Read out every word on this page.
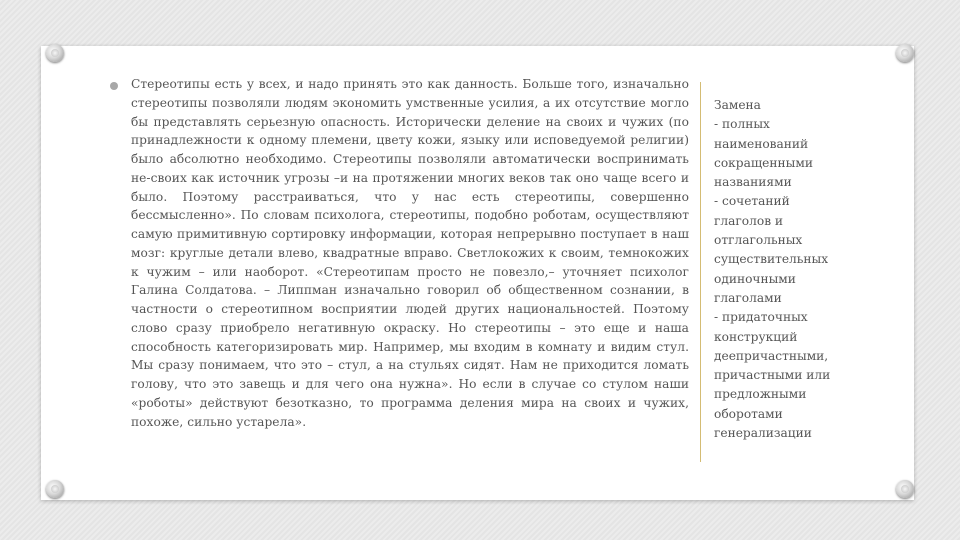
Стереотипы есть у всех, и надо принять это как данность. Больше того, изначально стереотипы позволяли людям экономить умственные усилия, а их отсутствие могло бы представлять серьезную опасность. Исторически деление на своих и чужих (по принадлежности к одному племени, цвету кожи, языку или исповедуемой религии) было абсолютно необходимо. Стереотипы позволяли автоматически воспринимать не-своих как источник угрозы –и на протяжении многих веков так оно чаще всего и было. Поэтому расстраиваться, что у нас есть стереотипы, совершенно бессмысленно». По словам психолога, стереотипы, подобно роботам, осуществляют самую примитивную сортировку информации, которая непрерывно поступает в наш мозг: круглые детали влево, квадратные вправо. Светлокожих к своим, темнокожих к чужим – или наоборот. «Стереотипам просто не повезло,– уточняет психолог Галина Солдатова. – Липпман изначально говорил об общественном сознании, в частности о стереотипном восприятии людей других национальностей. Поэтому слово сразу приобрело негативную окраску. Но стереотипы – это еще и наша способность категоризировать мир. Например, мы входим в комнату и видим стул. Мы сразу понимаем, что это – стул, а на стульях сидят. Нам не приходится ломать голову, что это завещь и для чего она нужна». Но если в случае со стулом наши «роботы» действуют безотказно, то программа деления мира на своих и чужих, похоже, сильно устарела».
Замена
- полных
наименований
сокращенными
названиями
- сочетаний
глаголов и
отглагольных
существительных
одиночными
глаголами
- придаточных
конструкций
деепричастными,
причастными или
предложными
оборотами
генерализации
